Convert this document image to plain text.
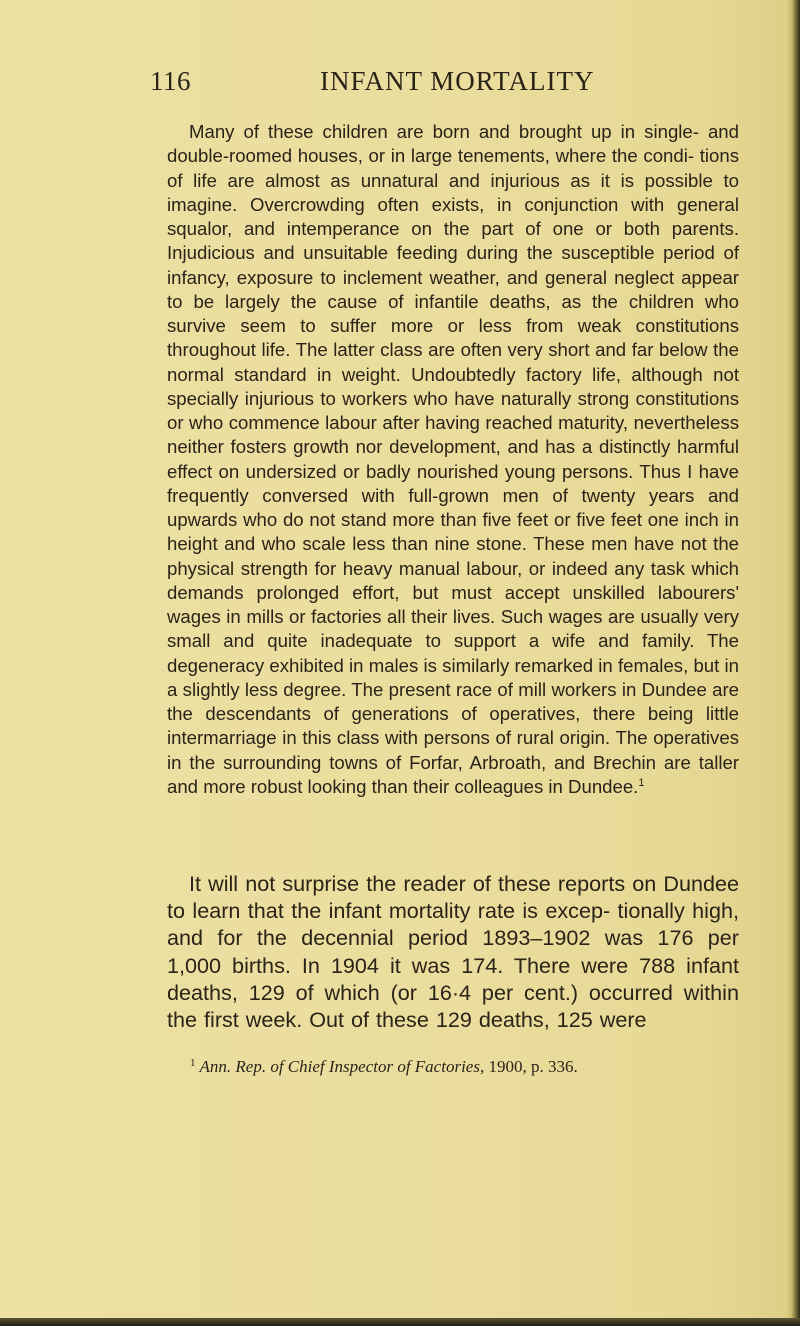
116	INFANT MORTALITY

Many of these children are born and brought up in single- and double-roomed houses, or in large tenements, where the condi- tions of life are almost as unnatural and injurious as it is possible to imagine. Overcrowding often exists, in conjunction with general squalor, and intemperance on the part of one or both parents. Injudicious and unsuitable feeding during the susceptible period of infancy, exposure to inclement weather, and general neglect appear to be largely the cause of infantile deaths, as the children who survive seem to suffer more or less from weak constitutions throughout life. The latter class are often very short and far below the normal standard in weight. Undoubtedly factory life, although not specially injurious to workers who have naturally strong constitutions or who commence labour after having reached maturity, nevertheless neither fosters growth nor development, and has a distinctly harmful effect on undersized or badly nourished young persons. Thus I have frequently conversed with full-grown men of twenty years and upwards who do not stand more than five feet or five feet one inch in height and who scale less than nine stone. These men have not the physical strength for heavy manual labour, or indeed any task which demands prolonged effort, but must accept unskilled labourers' wages in mills or factories all their lives. Such wages are usually very small and quite inadequate to support a wife and family. The degeneracy exhibited in males is similarly remarked in females, but in a slightly less degree. The present race of mill workers in Dundee are the descendants of generations of operatives, there being little intermarriage in this class with persons of rural origin. The operatives in the surrounding towns of Forfar, Arbroath, and Brechin are taller and more robust looking than their colleagues in Dundee.$^1$

It will not surprise the reader of these reports on Dundee to learn that the infant mortality rate is excep- tionally high, and for the decennial period 1893–1902 was 176 per 1,000 births. In 1904 it was 174. There were 788 infant deaths, 129 of which (or 16·4 per cent.) occurred within the first week. Out of these 129 deaths, 125 were

$^1$ Ann. Rep. of Chief Inspector of Factories, 1900, p. 336.
